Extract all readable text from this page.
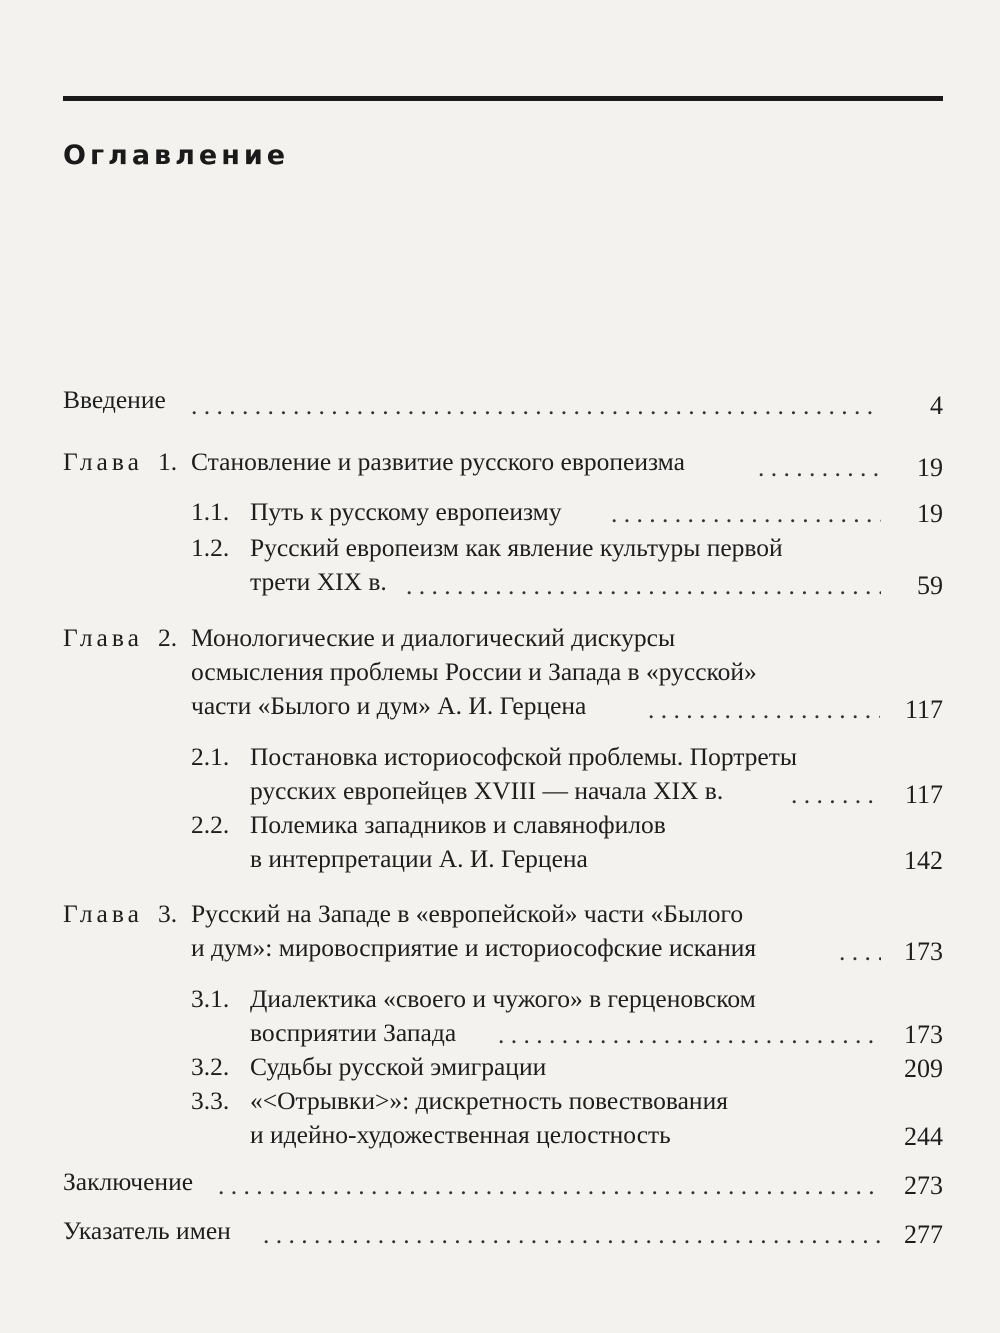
Оглавление
Введение . . .	4
Глава 1. Становление и развитие русского европеизма . . .	19
1.1. Путь к русскому европеизму . . .	19
1.2. Русский европеизм как явление культуры первой
трети XIX в. . . .	59
Глава 2. Монологические и диалогический дискурсы
осмысления проблемы России и Запада в «русской»
части «Былого и дум» А. И. Герцена . . .	117
2.1. Постановка историософской проблемы. Портреты
русских европейцев XVIII — начала XIX в. . . .	117
2.2. Полемика западников и славянофилов
в интерпретации А. И. Герцена	142
Глава 3. Русский на Западе в «европейской» части «Былого
и дум»: мировосприятие и историософские искания . . .	173
3.1. Диалектика «своего и чужого» в герценовском
восприятии Запада . . .	173
3.2. Судьбы русской эмиграции	209
3.3. «<Отрывки>»: дискретность повествования
и идейно-художественная целостность	244
Заключение . . .	273
Указатель имен . . .	277
